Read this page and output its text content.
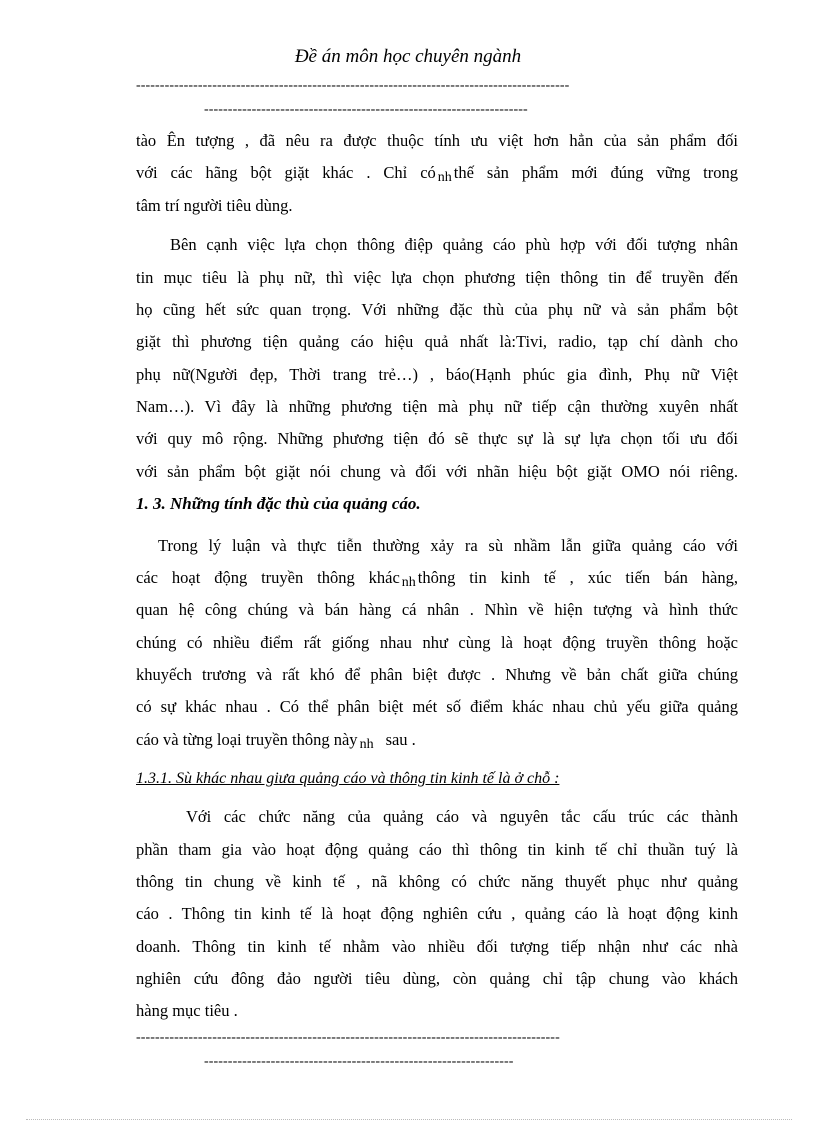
Đề án môn học chuyên ngành
-------------------------------------------------------------------------------------------
--------------------------------------------------------------------
tào Ên tượng , đã nêu ra được thuộc tính ưu việt hơn hẳn của sản phẩm đối
với các hãng bột giặt khác . Chỉ có $_{nh}$ thế sản phẩm mới đúng vững trong
tâm trí người tiêu dùng.
Bên cạnh việc lựa chọn thông điệp quảng cáo phù hợp với đối tượng nhân
tin mục tiêu là phụ nữ, thì việc lựa chọn phương tiện thông tin để truyền đến
họ cũng hết sức quan trọng. Với những đặc thù của phụ nữ và sản phẩm bột
giặt thì phương tiện quảng cáo hiệu quả nhất là:Tivi, radio, tạp chí dành cho
phụ nữ(Người đẹp, Thời trang trẻ…) , báo(Hạnh phúc gia đình, Phụ nữ Việt
Nam…). Vì đây là những phương tiện mà phụ nữ tiếp cận thường xuyên nhất
với quy mô rộng. Những phương tiện đó sẽ thực sự là sự lựa chọn tối ưu đối
với sản phẩm bột giặt nói chung và đối với nhãn hiệu bột giặt OMO nói riêng.
1. 3. Những tính đặc thù của quảng cáo.
Trong lý luận và thực tiễn thường xảy ra sù nhầm lẫn giữa quảng cáo với
các hoạt động truyền thông khác $_{nh}$ thông tin kinh tế , xúc tiến bán hàng,
quan hệ công chúng và bán hàng cá nhân . Nhìn về hiện tượng và hình thức
chúng có nhiều điểm rất giống nhau như cùng là hoạt động truyền thông hoặc
khuyếch trương và rất khó để phân biệt được . Nhưng về bản chất giữa chúng
có sự khác nhau . Có thể phân biệt mét số điểm khác nhau chủ yếu giữa quảng
cáo và từng loại truyền thông này $_{nh}$ sau .
1.3.1. Sù khác nhau giưa quảng cáo và thông tin kinh tế là ở chỗ :
Với các chức năng của quảng cáo và nguyên tắc cấu trúc các thành
phần tham gia vào hoạt động quảng cáo thì thông tin kinh tế chỉ thuần tuý là
thông tin chung về kinh tế , nã không có chức năng thuyết phục như quảng
cáo . Thông tin kinh tế là hoạt động nghiên cứu , quảng cáo là hoạt động kinh
doanh. Thông tin kinh tế nhằm vào nhiều đối tượng tiếp nhận như các nhà
nghiên cứu đông đảo người tiêu dùng, còn quảng chỉ tập chung vào khách
hàng mục tiêu .
-----------------------------------------------------------------------------------------
-----------------------------------------------------------------
